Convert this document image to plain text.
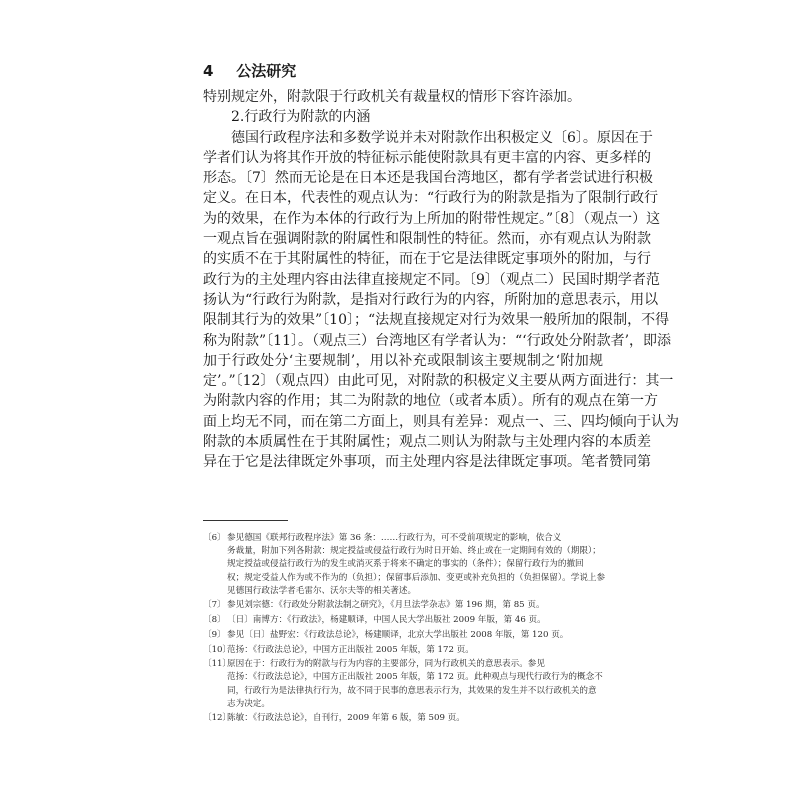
4 公法研究
特别规定外，附款限于行政机关有裁量权的情形下容许添加。
2.行政行为附款的内涵
德国行政程序法和多数学说并未对附款作出积极定义〔6〕。原因在于
学者们认为将其作开放的特征标示能使附款具有更丰富的内容、更多样的
形态。〔7〕然而无论是在日本还是我国台湾地区，都有学者尝试进行积极
定义。在日本，代表性的观点认为：“行政行为的附款是指为了限制行政行
为的效果，在作为本体的行政行为上所加的附带性规定。”〔8〕（观点一）这
一观点旨在强调附款的附属性和限制性的特征。然而，亦有观点认为附款
的实质不在于其附属性的特征，而在于它是法律既定事项外的附加，与行
政行为的主处理内容由法律直接规定不同。〔9〕（观点二）民国时期学者范
扬认为“行政行为附款，是指对行政行为的内容，所附加的意思表示，用以
限制其行为的效果”〔10〕；“法规直接规定对行为效果一般所加的限制，不得
称为附款”〔11〕。（观点三）台湾地区有学者认为：“‘行政处分附款者’，即添
加于行政处分‘主要规制’，用以补充或限制该主要规制之‘附加规
定’。”〔12〕（观点四）由此可见，对附款的积极定义主要从两方面进行：其一
为附款内容的作用；其二为附款的地位（或者本质）。所有的观点在第一方
面上均无不同，而在第二方面上，则具有差异：观点一、三、四均倾向于认为
附款的本质属性在于其附属性；观点二则认为附款与主处理内容的本质差
异在于它是法律既定外事项，而主处理内容是法律既定事项。笔者赞同第
〔6〕参见德国《联邦行政程序法》第 36 条：……行政行为，可不受前项规定的影响，依合义
务裁量，附加下列各附款：规定授益或侵益行政行为时日开始、终止或在一定期间有效的（期限）；
规定授益或侵益行政行为的发生或消灭系于将来不确定的事实的（条件）；保留行政行为的撤回
权；规定受益人作为或不作为的（负担）；保留事后添加、变更或补充负担的（负担保留）。学说上参
见德国行政法学者毛雷尔、沃尔夫等的相关著述。
〔7〕参见刘宗德：《行政处分附款法制之研究》，《月旦法学杂志》第 196 期，第 85 页。
〔8〕〔日〕南博方：《行政法》，杨建顺译，中国人民大学出版社 2009 年版，第 46 页。
〔9〕参见〔日〕盐野宏：《行政法总论》，杨建顺译，北京大学出版社 2008 年版，第 120 页。
〔10〕范扬：《行政法总论》，中国方正出版社 2005 年版，第 172 页。
〔11〕原因在于：行政行为的附款与行为内容的主要部分，同为行政机关的意思表示。参见
范扬：《行政法总论》，中国方正出版社 2005 年版，第 172 页。此种观点与现代行政行为的概念不
同，行政行为是法律执行行为，故不同于民事的意思表示行为，其效果的发生并不以行政机关的意
志为决定。
〔12〕陈敏：《行政法总论》，自刊行，2009 年第 6 版，第 509 页。
